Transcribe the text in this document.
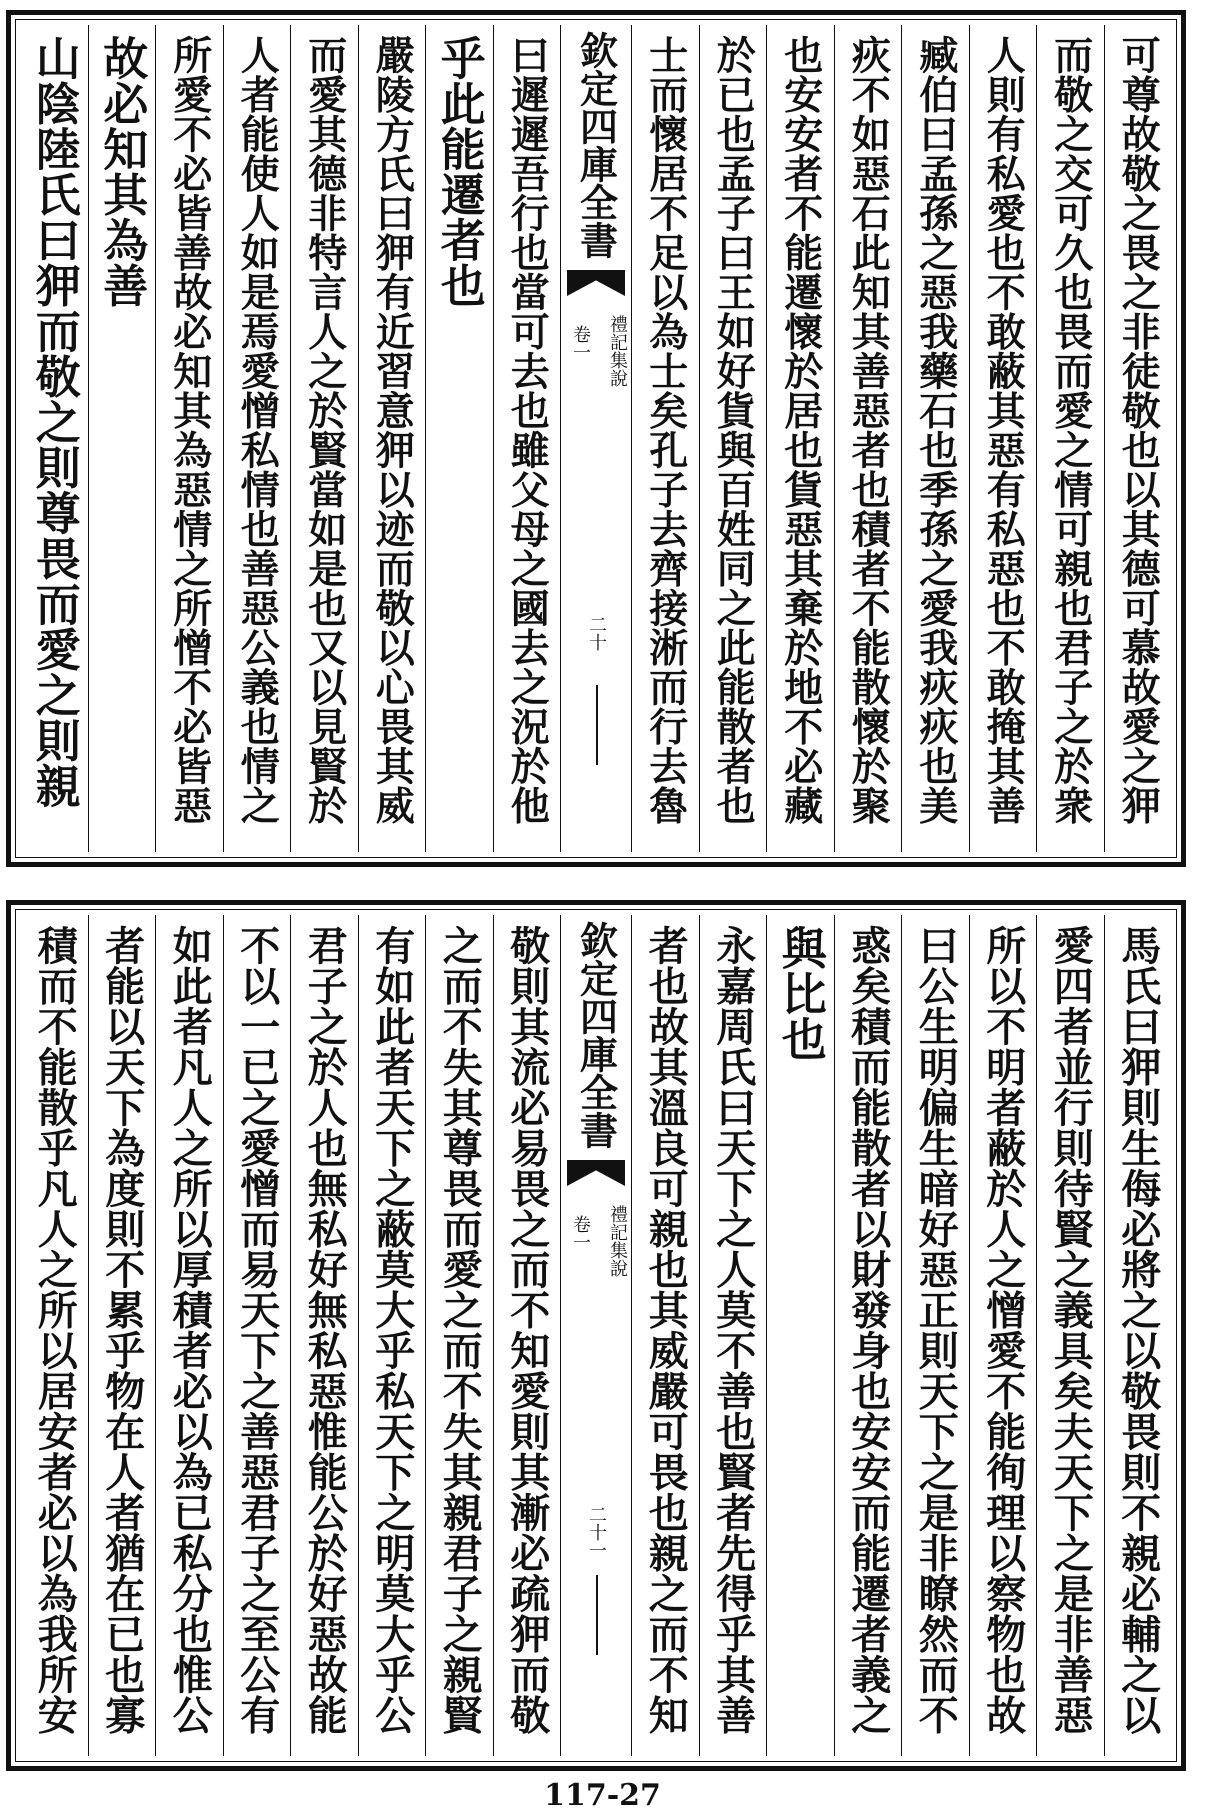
可尊故敬之畏之非徒敬也以其德可慕故愛之狎
而敬之交可久也畏而愛之情可親也君子之於衆
人則有私愛也不敢蔽其惡有私惡也不敢掩其善
臧伯曰孟孫之惡我藥石也季孫之愛我疢疢也美
疢不如惡石此知其善惡者也積者不能散懷於聚
也安安者不能遷懷於居也貨惡其棄於地不必藏
於已也孟子曰王如好貨與百姓同之此能散者也
士而懷居不足以為士矣孔子去齊接淅而行去魯
欽定四庫全書
卷一 禮記集說
二十
曰遲遲吾行也當可去也雖父母之國去之況於他
乎此能遷者也
嚴陵方氏曰狎有近習意狎以迹而敬以心畏其威
而愛其德非特言人之於賢當如是也又以見賢於
人者能使人如是焉愛憎私情也善惡公義也情之
所愛不必皆善故必知其為惡情之所憎不必皆惡
故必知其為善
山陰陸氏曰狎而敬之則尊畏而愛之則親
馬氏曰狎則生侮必將之以敬畏則不親必輔之以
愛四者並行則待賢之義具矣夫天下之是非善惡
所以不明者蔽於人之憎愛不能徇理以察物也故
曰公生明偏生暗好惡正則天下之是非瞭然而不
惑矣積而能散者以財發身也安安而能遷者義之
與比也
永嘉周氏曰天下之人莫不善也賢者先得乎其善
者也故其溫良可親也其威嚴可畏也親之而不知
欽定四庫全書
卷一 禮記集說
二十一
敬則其流必易畏之而不知愛則其漸必疏狎而敬
之而不失其尊畏而愛之而不失其親君子之親賢
有如此者天下之蔽莫大乎私天下之明莫大乎公
君子之於人也無私好無私惡惟能公於好惡故能
不以一已之愛憎而易天下之善惡君子之至公有
如此者凡人之所以厚積者必以為已私分也惟公
者能以天下為度則不累乎物在人者猶在已也寡
積而不能散乎凡人之所以居安者必以為我所安
117-27
